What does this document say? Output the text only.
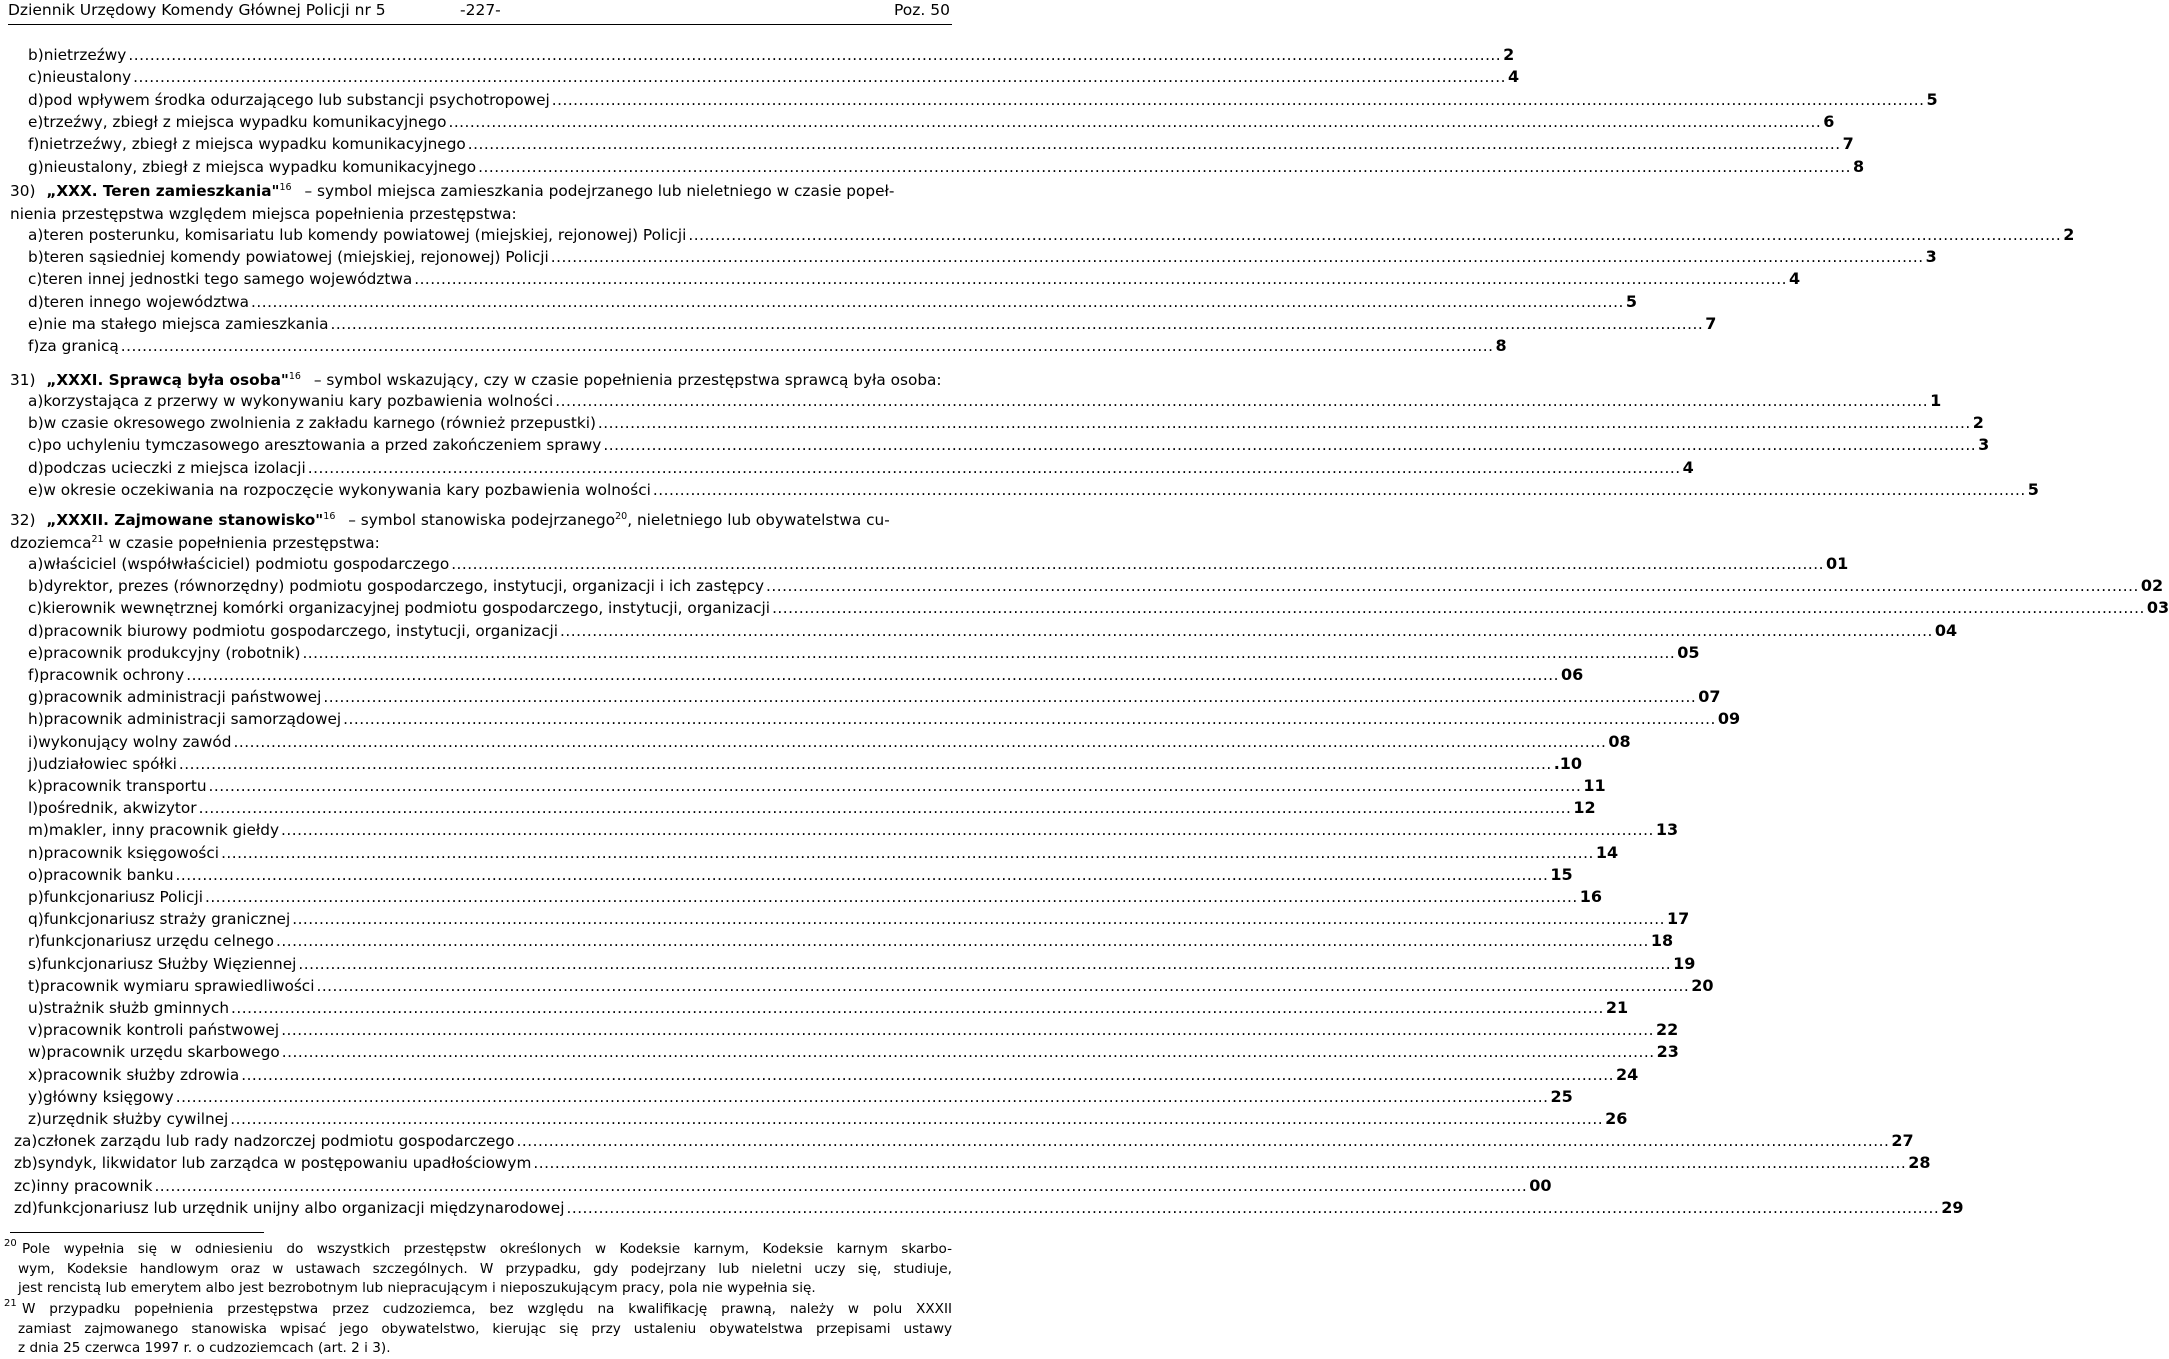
Dziennik Urzędowy Komendy Głównej Policji nr 5	-227-	Poz. 50
b) nietrzeźwy .....	2
c) nieustalony .....	4
d) pod wpływem środka odurzającego lub substancji psychotropowej .....	5
e) trzeźwy, zbiegł z miejsca wypadku komunikacyjnego .....	6
f) nietrzeźwy, zbiegł z miejsca wypadku komunikacyjnego .....	7
g) nieustalony, zbiegł z miejsca wypadku komunikacyjnego .....	8
30) „XXX. Teren zamieszkania"$^{16}$ – symbol miejsca zamieszkania podejrzanego lub nieletniego w czasie popeł-
nienia przestępstwa względem miejsca popełnienia przestępstwa:
a) teren posterunku, komisariatu lub komendy powiatowej (miejskiej, rejonowej) Policji .....	2
b) teren sąsiedniej komendy powiatowej (miejskiej, rejonowej) Policji .....	3
c) teren innej jednostki tego samego województwa .....	4
d) teren innego województwa .....	5
e) nie ma stałego miejsca zamieszkania .....	7
f) za granicą .....	8
31) „XXXI. Sprawcą była osoba"$^{16}$ – symbol wskazujący, czy w czasie popełnienia przestępstwa sprawcą była osoba:
a) korzystająca z przerwy w wykonywaniu kary pozbawienia wolności .....	1
b) w czasie okresowego zwolnienia z zakładu karnego (również przepustki) .....	2
c) po uchyleniu tymczasowego aresztowania a przed zakończeniem sprawy .....	3
d) podczas ucieczki z miejsca izolacji .....	4
e) w okresie oczekiwania na rozpoczęcie wykonywania kary pozbawienia wolności .....	5
32) „XXXII. Zajmowane stanowisko"$^{16}$ – symbol stanowiska podejrzanego$^{20}$, nieletniego lub obywatelstwa cu-
dzoziemca$^{21}$ w czasie popełnienia przestępstwa:
a) właściciel (współwłaściciel) podmiotu gospodarczego .....	01
b) dyrektor, prezes (równorzędny) podmiotu gospodarczego, instytucji, organizacji i ich zastępcy .....	02
c) kierownik wewnętrznej komórki organizacyjnej podmiotu gospodarczego, instytucji, organizacji .....	03
d) pracownik biurowy podmiotu gospodarczego, instytucji, organizacji .....	04
e) pracownik produkcyjny (robotnik) .....	05
f) pracownik ochrony .....	06
g) pracownik administracji państwowej .....	07
h) pracownik administracji samorządowej .....	09
i) wykonujący wolny zawód .....	08
j) udziałowiec spółki .....	.10
k) pracownik transportu .....	11
l) pośrednik, akwizytor .....	12
m) makler, inny pracownik giełdy .....	13
n) pracownik księgowości .....	14
o) pracownik banku .....	15
p) funkcjonariusz Policji .....	16
q) funkcjonariusz straży granicznej .....	17
r) funkcjonariusz urzędu celnego .....	18
s) funkcjonariusz Służby Więziennej .....	19
t) pracownik wymiaru sprawiedliwości .....	20
u) strażnik służb gminnych .....	21
v) pracownik kontroli państwowej .....	22
w) pracownik urzędu skarbowego .....	23
x) pracownik służby zdrowia .....	24
y) główny księgowy .....	25
z) urzędnik służby cywilnej .....	26
za) członek zarządu lub rady nadzorczej podmiotu gospodarczego .....	27
zb) syndyk, likwidator lub zarządca w postępowaniu upadłościowym .....	28
zc) inny pracownik .....	00
zd) funkcjonariusz lub urzędnik unijny albo organizacji międzynarodowej .....	29
20 Pole wypełnia się w odniesieniu do wszystkich przestępstw określonych w Kodeksie karnym, Kodeksie karnym skarbo-
wym, Kodeksie handlowym oraz w ustawach szczególnych. W przypadku, gdy podejrzany lub nieletni uczy się, studiuje,
jest rencistą lub emerytem albo jest bezrobotnym lub niepracującym i nieposzukującym pracy, pola nie wypełnia się.
21 W przypadku popełnienia przestępstwa przez cudzoziemca, bez względu na kwalifikację prawną, należy w polu XXXII
zamiast zajmowanego stanowiska wpisać jego obywatelstwo, kierując się przy ustaleniu obywatelstwa przepisami ustawy
z dnia 25 czerwca 1997 r. o cudzoziemcach (art. 2 i 3).
